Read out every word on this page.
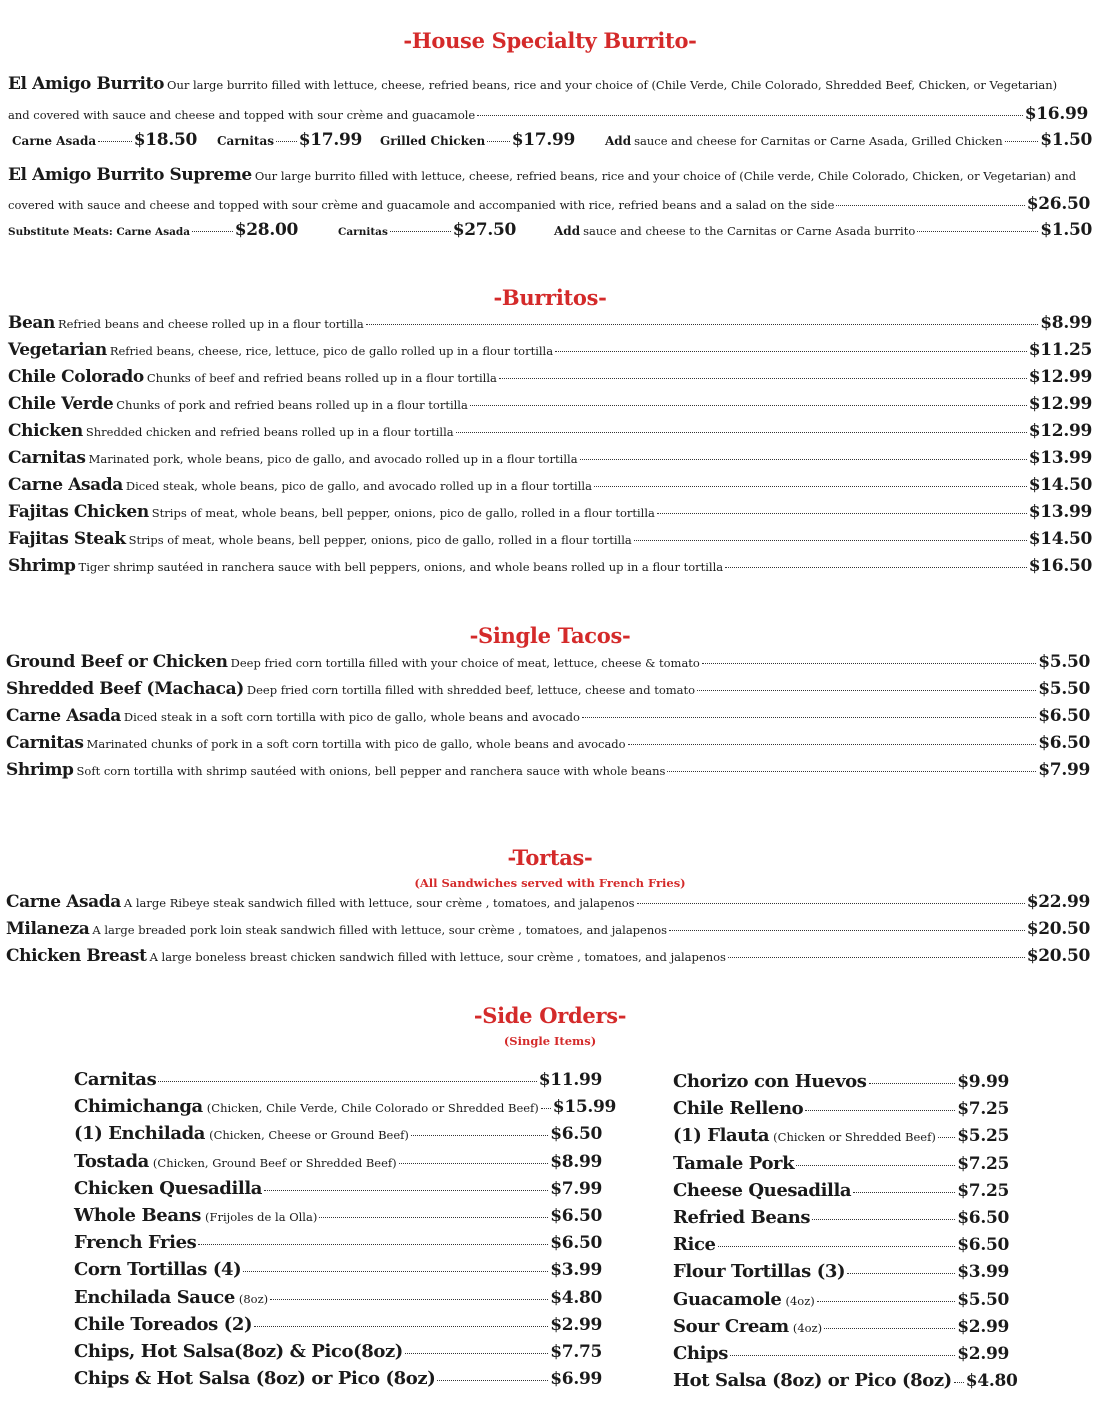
-House Specialty Burrito-
El Amigo Burrito Our large burrito filled with lettuce, cheese, refried beans, rice and your choice of (Chile Verde, Chile Colorado, Shredded Beef, Chicken, or Vegetarian)
and covered with sauce and cheese and topped with sour crème and guacamole	$16.99
Carne Asada $18.50 Carnitas $17.99 Grilled Chicken $17.99	Add sauce and cheese for Carnitas or Carne Asada, Grilled Chicken $1.50
El Amigo Burrito Supreme Our large burrito filled with lettuce, cheese, refried beans, rice and your choice of (Chile verde, Chile Colorado, Chicken, or Vegetarian) and
covered with sauce and cheese and topped with sour crème and guacamole and accompanied with rice, refried beans and a salad on the side	$26.50
Substitute Meats: Carne Asada	$28.00	Carnitas	$27.50	Add sauce and cheese to the Carnitas or Carne Asada burrito	$1.50
-Burritos-
Bean Refried beans and cheese rolled up in a flour tortilla	$8.99
Vegetarian Refried beans, cheese, rice, lettuce, pico de gallo rolled up in a flour tortilla	$11.25
Chile Colorado Chunks of beef and refried beans rolled up in a flour tortilla	$12.99
Chile Verde Chunks of pork and refried beans rolled up in a flour tortilla	$12.99
Chicken Shredded chicken and refried beans rolled up in a flour tortilla	$12.99
Carnitas Marinated pork, whole beans, pico de gallo, and avocado rolled up in a flour tortilla	$13.99
Carne Asada Diced steak, whole beans, pico de gallo, and avocado rolled up in a flour tortilla	$14.50
Fajitas Chicken Strips of meat, whole beans, bell pepper, onions, pico de gallo, rolled in a flour tortilla	$13.99
Fajitas Steak Strips of meat, whole beans, bell pepper, onions, pico de gallo, rolled in a flour tortilla	$14.50
Shrimp Tiger shrimp sautéed in ranchera sauce with bell peppers, onions, and whole beans rolled up in a flour tortilla	$16.50
-Single Tacos-
Ground Beef or Chicken Deep fried corn tortilla filled with your choice of meat, lettuce, cheese & tomato	$5.50
Shredded Beef (Machaca) Deep fried corn tortilla filled with shredded beef, lettuce, cheese and tomato	$5.50
Carne Asada Diced steak in a soft corn tortilla with pico de gallo, whole beans and avocado	$6.50
Carnitas Marinated chunks of pork in a soft corn tortilla with pico de gallo, whole beans and avocado	$6.50
Shrimp Soft corn tortilla with shrimp sautéed with onions, bell pepper and ranchera sauce with whole beans	$7.99
-Tortas-
(All Sandwiches served with French Fries)
Carne Asada A large Ribeye steak sandwich filled with lettuce, sour crème , tomatoes, and jalapenos	$22.99
Milaneza A large breaded pork loin steak sandwich filled with lettuce, sour crème , tomatoes, and jalapenos	$20.50
Chicken Breast A large boneless breast chicken sandwich filled with lettuce, sour crème , tomatoes, and jalapenos	$20.50
-Side Orders-
(Single Items)
Carnitas	$11.99
Chimichanga (Chicken, Chile Verde, Chile Colorado or Shredded Beef) $15.99
(1) Enchilada (Chicken, Cheese or Ground Beef)	$6.50
Tostada (Chicken, Ground Beef or Shredded Beef)	$8.99
Chicken Quesadilla	$7.99
Whole Beans (Frijoles de la Olla)	$6.50
French Fries	$6.50
Corn Tortillas (4)	$3.99
Enchilada Sauce (8oz)	$4.80
Chile Toreados (2)	$2.99
Chips, Hot Salsa(8oz) & Pico(8oz)	$7.75
Chips & Hot Salsa (8oz) or Pico (8oz)	$6.99
Chorizo con Huevos	$9.99
Chile Relleno	$7.25
(1) Flauta (Chicken or Shredded Beef) $5.25
Tamale Pork	$7.25
Cheese Quesadilla	$7.25
Refried Beans	$6.50
Rice	$6.50
Flour Tortillas (3)	$3.99
Guacamole (4oz)	$5.50
Sour Cream (4oz)	$2.99
Chips	$2.99
Hot Salsa (8oz) or Pico (8oz) $4.80
